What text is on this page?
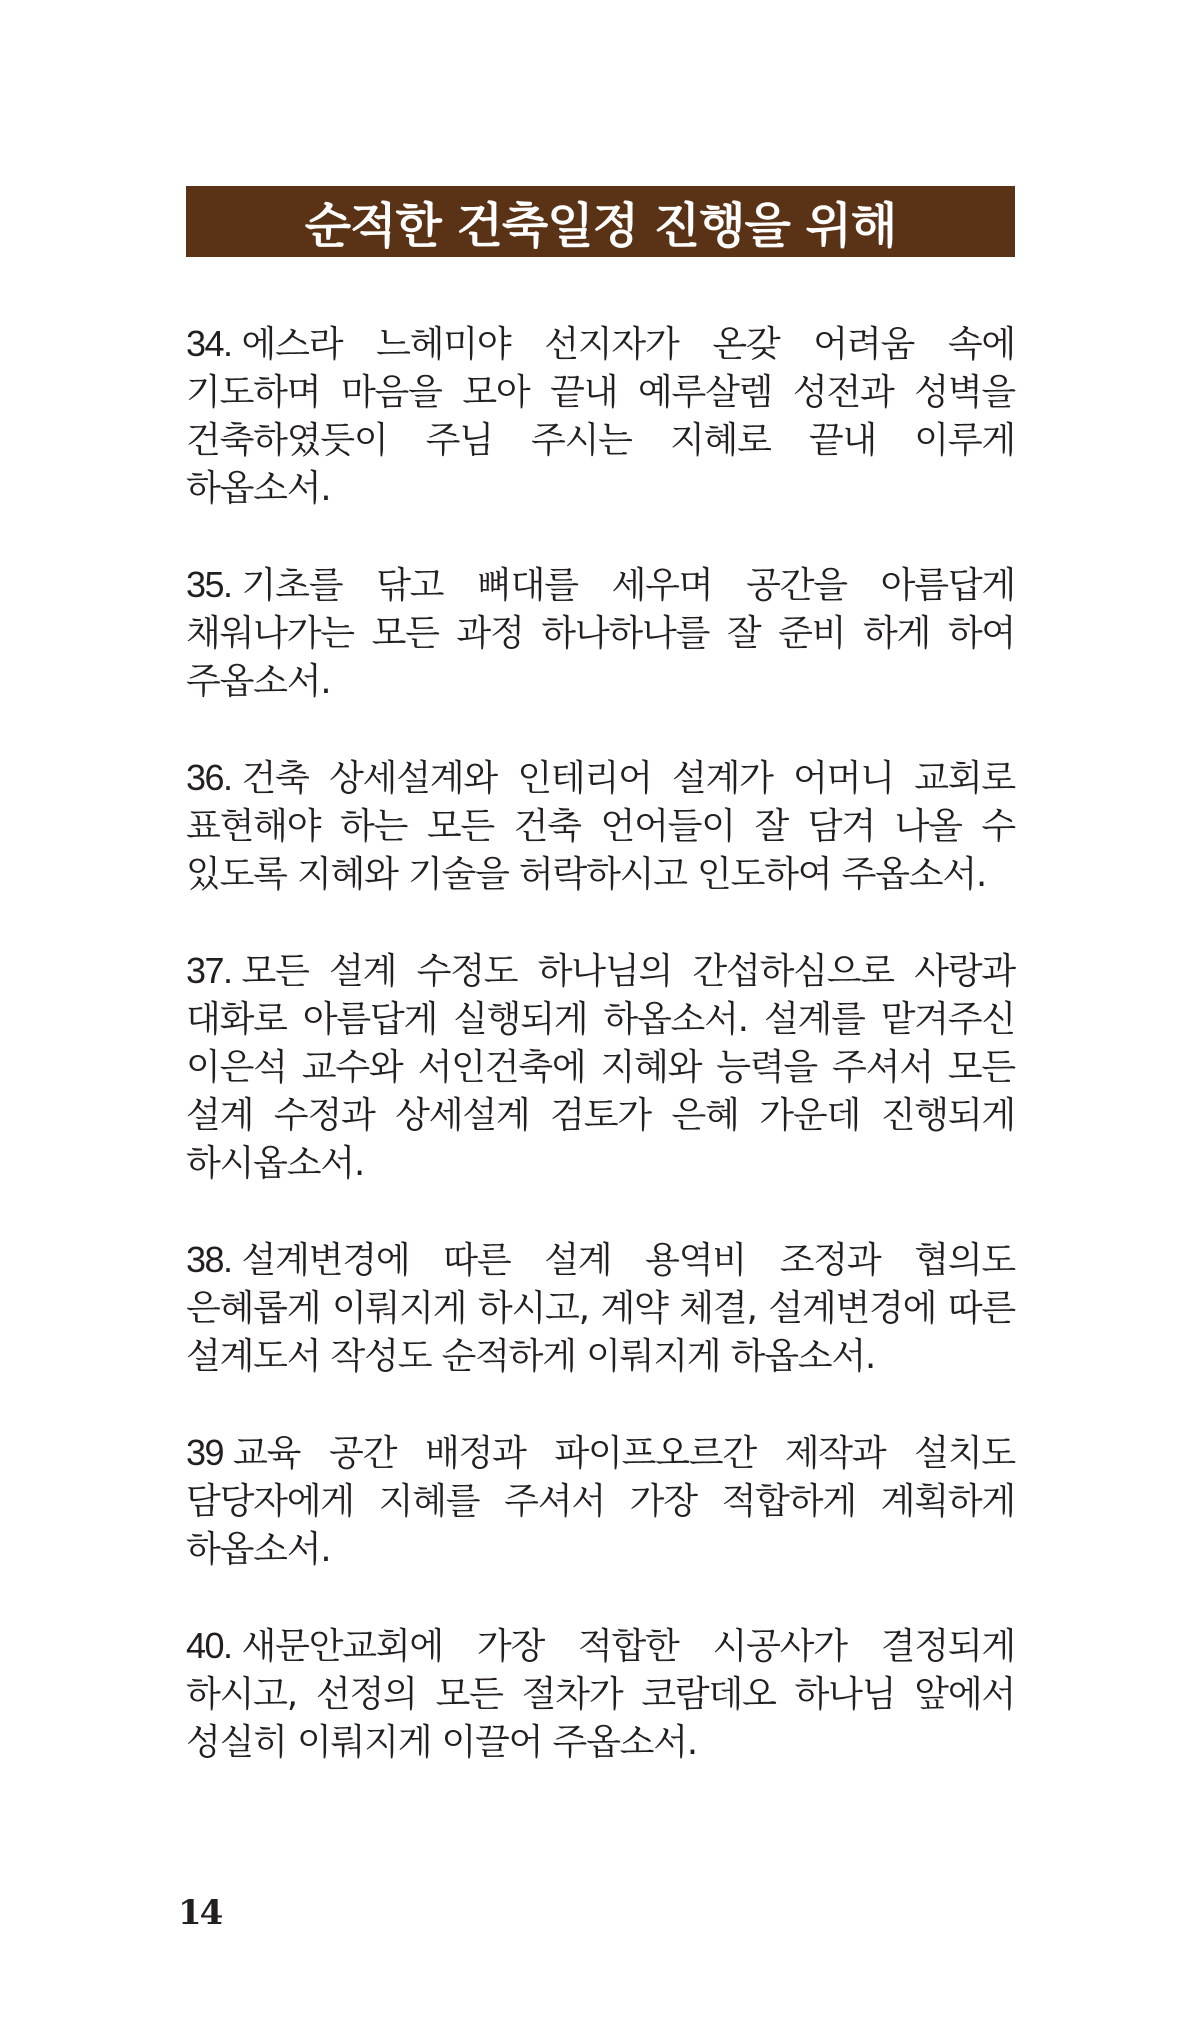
순적한 건축일정 진행을 위해

34. 에스라 느헤미야 선지자가 온갖 어려움 속에 기도하며 마음을 모아 끝내 예루살렘 성전과 성벽을 건축하였듯이 주님 주시는 지혜로 끝내 이루게 하옵소서.

35. 기초를 닦고 뼈대를 세우며 공간을 아름답게 채워나가는 모든 과정 하나하나를 잘 준비 하게 하여 주옵소서.

36. 건축 상세설계와 인테리어 설계가 어머니 교회로 표현해야 하는 모든 건축 언어들이 잘 담겨 나올 수 있도록 지혜와 기술을 허락하시고 인도하여 주옵소서.

37. 모든 설계 수정도 하나님의 간섭하심으로 사랑과 대화로 아름답게 실행되게 하옵소서. 설계를 맡겨주신 이은석 교수와 서인건축에 지혜와 능력을 주셔서 모든 설계 수정과 상세설계 검토가 은혜 가운데 진행되게 하시옵소서.

38. 설계변경에 따른 설계 용역비 조정과 협의도 은혜롭게 이뤄지게 하시고, 계약 체결, 설계변경에 따른 설계도서 작성도 순적하게 이뤄지게 하옵소서.

39 교육 공간 배정과 파이프오르간 제작과 설치도 담당자에게 지혜를 주셔서 가장 적합하게 계획하게 하옵소서.

40. 새문안교회에 가장 적합한 시공사가 결정되게 하시고, 선정의 모든 절차가 코람데오 하나님 앞에서 성실히 이뤄지게 이끌어 주옵소서.

14
